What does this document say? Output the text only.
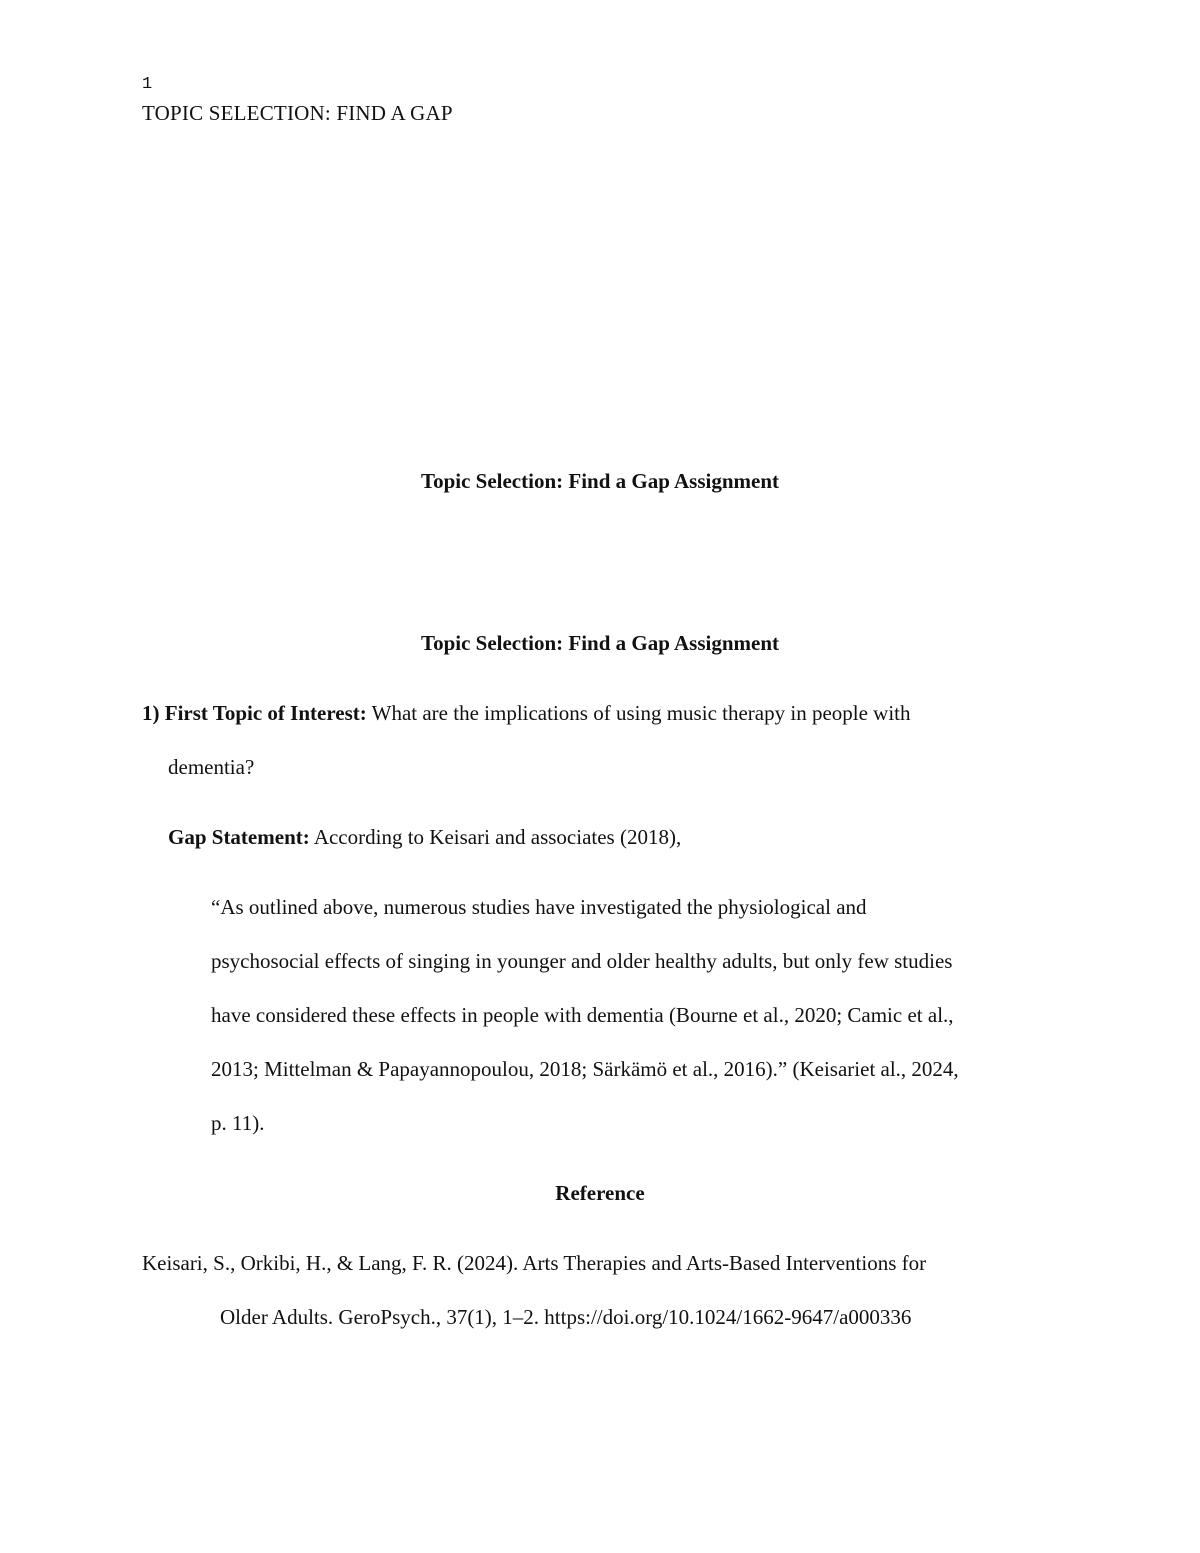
1
TOPIC SELECTION: FIND A GAP
Topic Selection: Find a Gap Assignment
Topic Selection: Find a Gap Assignment
1) First Topic of Interest: What are the implications of using music therapy in people with
dementia?
Gap Statement: According to Keisari and associates (2018),
“As outlined above, numerous studies have investigated the physiological and
psychosocial effects of singing in younger and older healthy adults, but only few studies
have considered these effects in people with dementia (Bourne et al., 2020; Camic et al.,
2013; Mittelman & Papayannopoulou, 2018; Särkämö et al., 2016).” (Keisariet al., 2024,
p. 11).
Reference
Keisari, S., Orkibi, H., & Lang, F. R. (2024). Arts Therapies and Arts-Based Interventions for
Older Adults. GeroPsych., 37(1), 1–2. https://doi.org/10.1024/1662-9647/a000336
